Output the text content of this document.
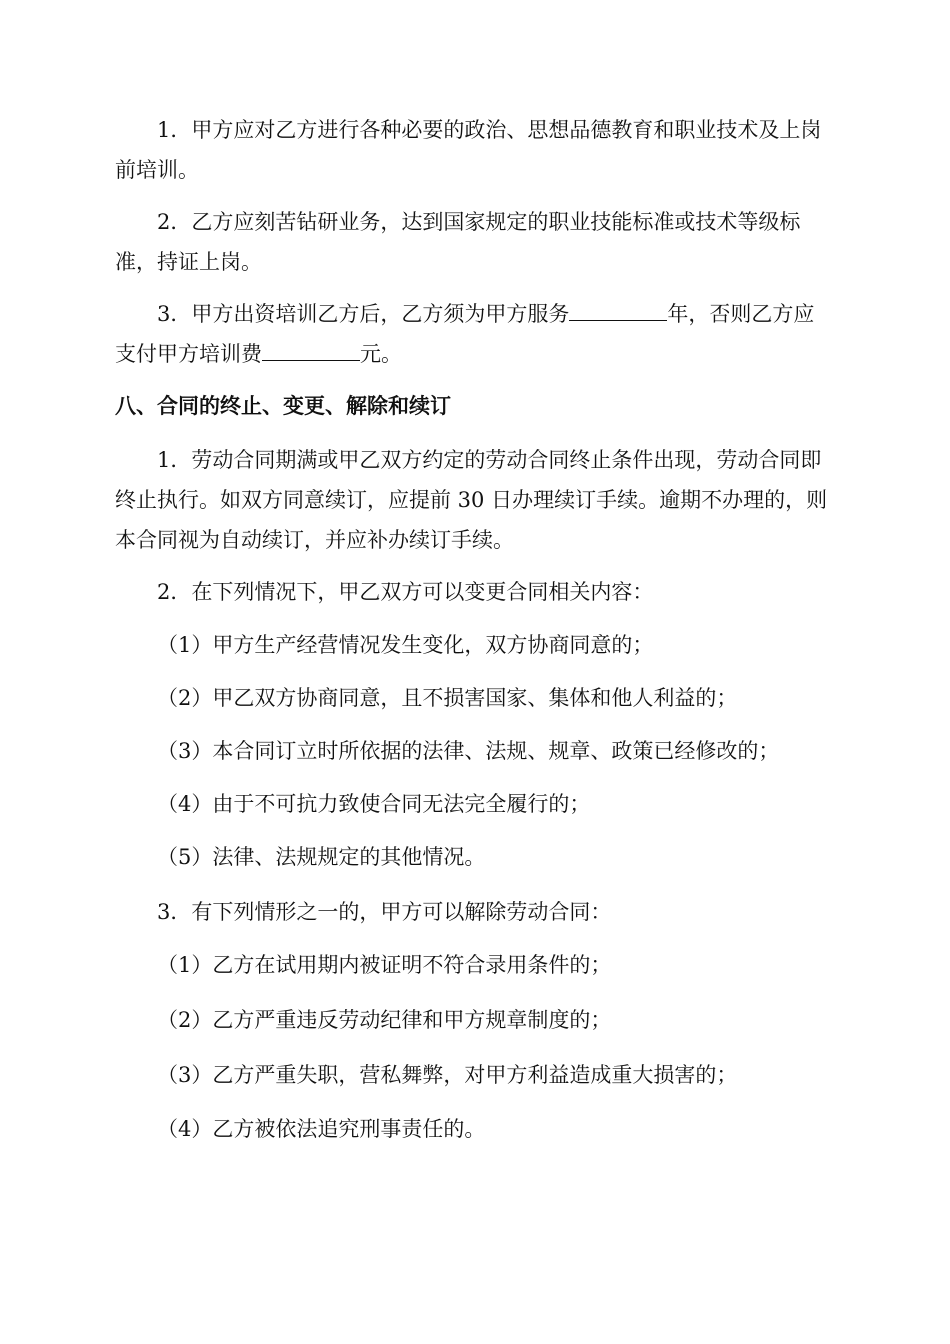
1．甲方应对乙方进行各种必要的政治、思想品德教育和职业技术及上岗前培训。

2．乙方应刻苦钻研业务，达到国家规定的职业技能标准或技术等级标准，持证上岗。

3．甲方出资培训乙方后，乙方须为甲方服务	年，否则乙方应支付甲方培训费	元。

八、合同的终止、变更、解除和续订

1．劳动合同期满或甲乙双方约定的劳动合同终止条件出现，劳动合同即终止执行。如双方同意续订，应提前 30 日办理续订手续。逾期不办理的，则本合同视为自动续订，并应补办续订手续。

2．在下列情况下，甲乙双方可以变更合同相关内容：

（1）甲方生产经营情况发生变化，双方协商同意的；

（2）甲乙双方协商同意，且不损害国家、集体和他人利益的；

（3）本合同订立时所依据的法律、法规、规章、政策已经修改的；

（4）由于不可抗力致使合同无法完全履行的；

（5）法律、法规规定的其他情况。

3．有下列情形之一的，甲方可以解除劳动合同：

（1）乙方在试用期内被证明不符合录用条件的；

（2）乙方严重违反劳动纪律和甲方规章制度的；

（3）乙方严重失职，营私舞弊，对甲方利益造成重大损害的；

（4）乙方被依法追究刑事责任的。
